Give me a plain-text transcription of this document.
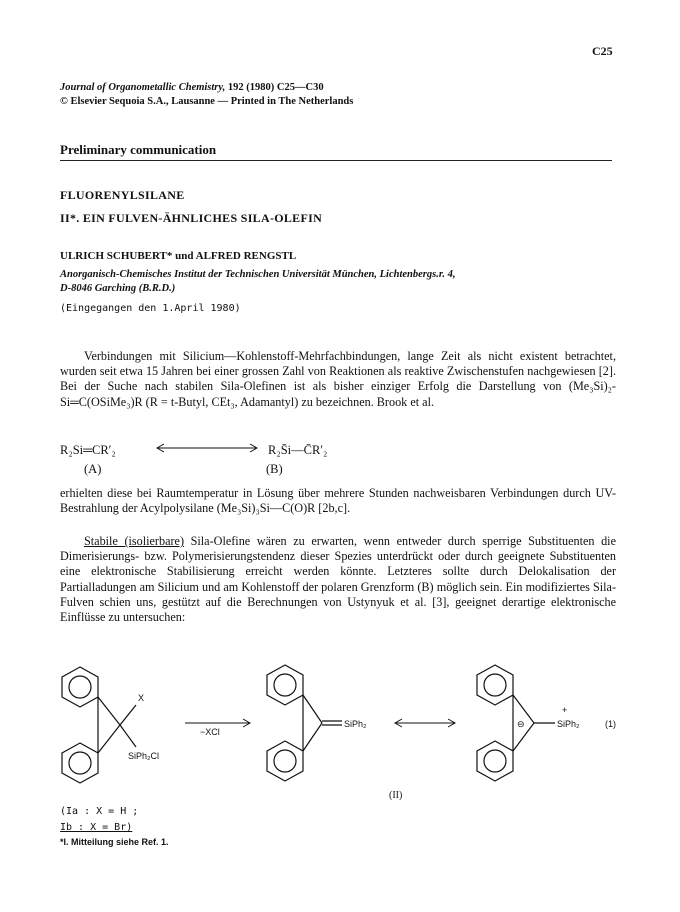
C25
Journal of Organometallic Chemistry, 192 (1980) C25—C30
© Elsevier Sequoia S.A., Lausanne — Printed in The Netherlands
Preliminary communication
FLUORENYLSILANE
II*. EIN FULVEN-ÄHNLICHES SILA-OLEFIN
ULRICH SCHUBERT* und ALFRED RENGSTL
Anorganisch-Chemisches Institut der Technischen Universität München, Lichtenbergs.r. 4,
D-8046 Garching (B.R.D.)
(Eingegangen den 1.April 1980)

Verbindungen mit Silicium—Kohlenstoff-Mehrfachbindungen, lange Zeit als nicht existent betrachtet, wurden seit etwa 15 Jahren bei einer grossen Zahl von Reaktionen als reaktive Zwischenstufen nachgewiesen [2]. Bei der Suche nach stabilen Sila-Olefinen ist als bisher einziger Erfolg die Darstellung von (Me₃Si)₂-Si═C(OSiMe₃)R (R = t-Butyl, CEt₃, Adamantyl) zu bezeichnen. Brook et al.

R₂Si═CR′₂	R₂S̄i—C̄R′₂
(A)	(B)

erhielten diese bei Raumtemperatur in Lösung über mehrere Stunden nachweisbaren Verbindungen durch UV-Bestrahlung der Acylpolysilane (Me₃Si)₃Si—C(O)R [2b,c].

Stabile (isolierbare) Sila-Olefine wären zu erwarten, wenn entweder durch sperrige Substituenten die Dimerisierungs- bzw. Polymerisierungstendenz dieser Spezies unterdrückt oder durch geeignete Substituenten eine elektronische Stabilisierung erreicht werden könnte. Letzteres sollte durch Delokalisation der Partialladungen am Silicium und am Kohlenstoff der polaren Grenzform (B) möglich sein. Ein modifiziertes Sila-Fulven schien uns, gestützt auf die Berechnungen von Ustynyuk et al. [3], geeignet derartige elektronische Einflüsse zu untersuchen:

X
SiPh₂Cl
−XCl
SiPh₂	⊖
+
SiPh₂	(1)
(II)
(Ia : X = H ;
Ib : X = Br)
*I. Mitteilung siehe Ref. 1.
